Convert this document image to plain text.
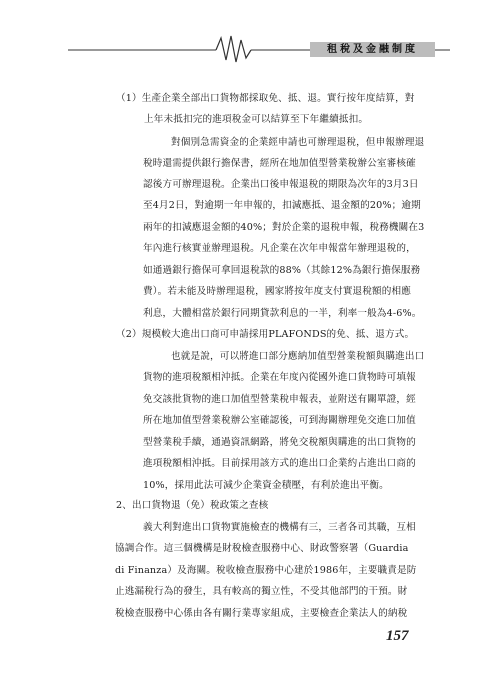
租稅及金融制度
（1）生產企業全部出口貨物都採取免、抵、退。實行按年度結算，對
上年未抵扣完的進項稅金可以結算至下年繼續抵扣。
對個別急需資金的企業經申請也可辦理退稅，但申報辦理退
稅時還需提供銀行擔保書，經所在地加值型營業稅辦公室審核確
認後方可辦理退稅。企業出口後申報退稅的期限為次年的3月3日
至4月2日，對逾期一年申報的，扣減應抵、退金額的20%；逾期
兩年的扣減應退金額的40%；對於企業的退稅申報，稅務機關在3
年內進行核實並辦理退稅。凡企業在次年申報當年辦理退稅的，
如通過銀行擔保可拿回退稅款的88%（其餘12%為銀行擔保服務
費）。若未能及時辦理退稅，國家將按年度支付實退稅額的相應
利息，大體相當於銀行同期貸款利息的一半，利率一般為4-6%。
（2）規模較大進出口商可申請採用PLAFONDS的免、抵、退方式。
也就是說，可以將進口部分應納加值型營業稅額與購進出口
貨物的進項稅額相沖抵。企業在年度內從國外進口貨物時可填報
免交該批貨物的進口加值型營業稅申報表，並附送有關單證，經
所在地加值型營業稅辦公室確認後，可到海關辦理免交進口加值
型營業稅手續，通過資訊網路，將免交稅額與購進的出口貨物的
進項稅額相沖抵。目前採用該方式的進出口企業約占進出口商的
10%，採用此法可減少企業資金積壓，有利於進出平衡。
2、出口貨物退（免）稅政策之查核
義大利對進出口貨物實施檢查的機構有三，三者各司其職，互相
協調合作。這三個機構是財稅檢查服務中心、財政警察署（Guardia
di Finanza）及海關。稅收檢查服務中心建於1986年，主要職責是防
止逃漏稅行為的發生，具有較高的獨立性，不受其他部門的干預。財
稅檢查服務中心係由各有關行業專家組成，主要檢查企業法人的納稅
157
